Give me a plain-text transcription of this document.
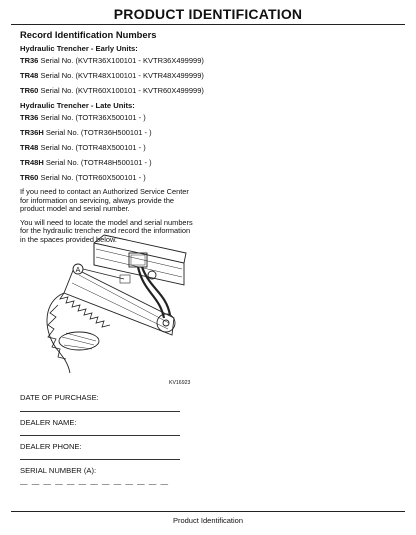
PRODUCT IDENTIFICATION
Record Identification Numbers
Hydraulic Trencher - Early Units:
TR36 Serial No. (KVTR36X100101 - KVTR36X499999)
TR48 Serial No. (KVTR48X100101 - KVTR48X499999)
TR60 Serial No. (KVTR60X100101 - KVTR60X499999)
Hydraulic Trencher - Late Units:
TR36 Serial No. (TOTR36X500101 - )
TR36H Serial No. (TOTR36H500101 - )
TR48 Serial No. (TOTR48X500101 - )
TR48H Serial No. (TOTR48H500101 - )
TR60 Serial No. (TOTR60X500101 - )
If you need to contact an Authorized Service Center for information on servicing, always provide the product model and serial number.
You will need to locate the model and serial numbers for the hydraulic trencher and record the information in the spaces provided below.
A
KV16923
DATE OF PURCHASE:
DEALER NAME:
DEALER PHONE:
SERIAL NUMBER (A):
— — — — — — — — — — — — —
Product Identification
